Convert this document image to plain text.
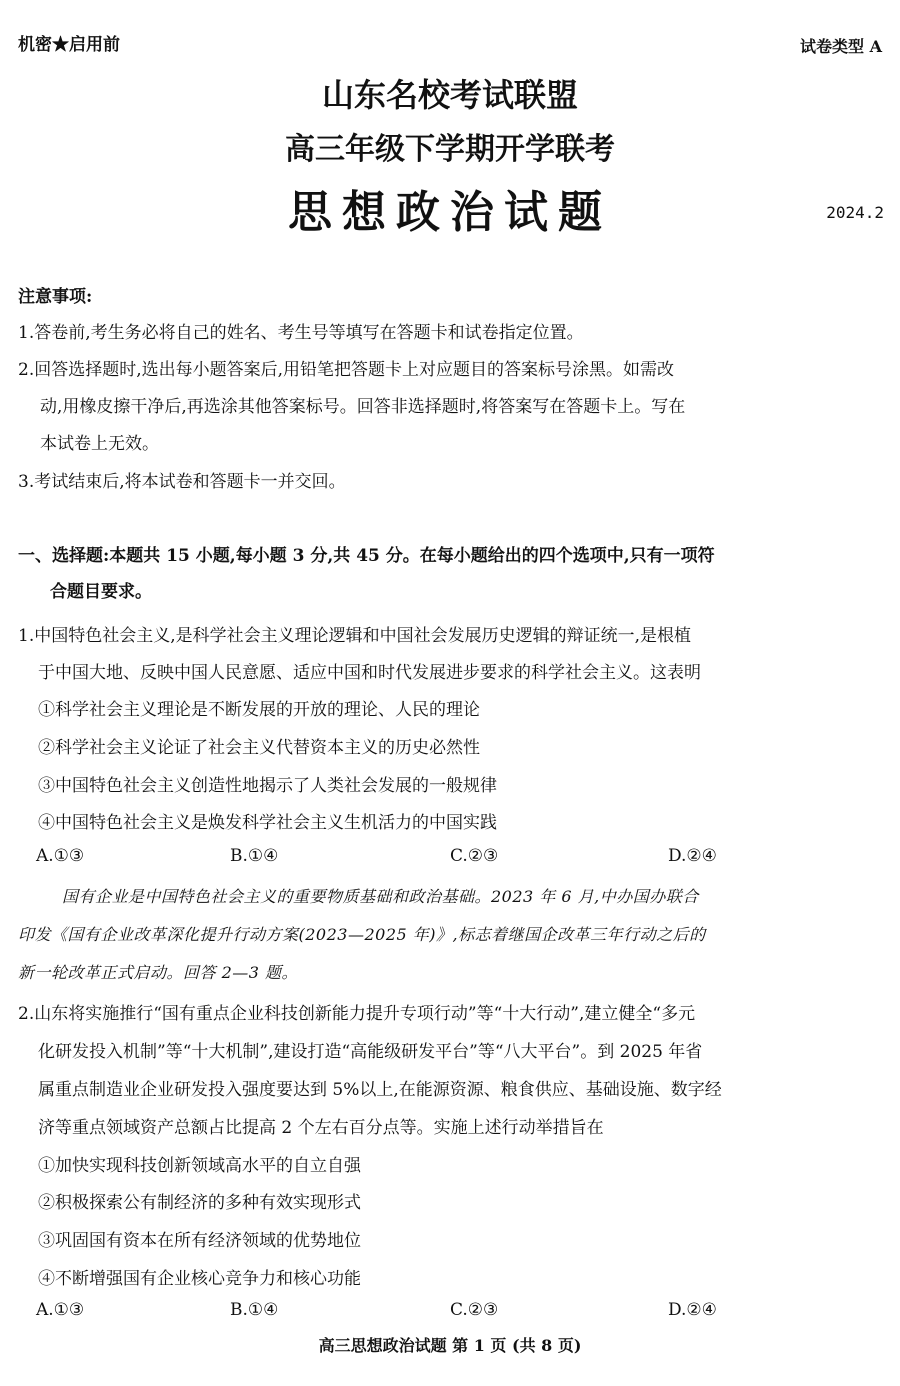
机密★启用前	试卷类型 A
山东名校考试联盟
高三年级下学期开学联考
思想政治试题	2024.2
注意事项:
1.答卷前,考生务必将自己的姓名、考生号等填写在答题卡和试卷指定位置。
2.回答选择题时,选出每小题答案后,用铅笔把答题卡上对应题目的答案标号涂黑。如需改
动,用橡皮擦干净后,再选涂其他答案标号。回答非选择题时,将答案写在答题卡上。写在
本试卷上无效。
3.考试结束后,将本试卷和答题卡一并交回。
一、选择题:本题共 15 小题,每小题 3 分,共 45 分。在每小题给出的四个选项中,只有一项符
合题目要求。
1.中国特色社会主义,是科学社会主义理论逻辑和中国社会发展历史逻辑的辩证统一,是根植
于中国大地、反映中国人民意愿、适应中国和时代发展进步要求的科学社会主义。这表明
①科学社会主义理论是不断发展的开放的理论、人民的理论
②科学社会主义论证了社会主义代替资本主义的历史必然性
③中国特色社会主义创造性地揭示了人类社会发展的一般规律
④中国特色社会主义是焕发科学社会主义生机活力的中国实践
A.①③	B.①④	C.②③	D.②④
国有企业是中国特色社会主义的重要物质基础和政治基础。2023 年 6 月,中办国办联合
印发《国有企业改革深化提升行动方案(2023—2025 年)》,标志着继国企改革三年行动之后的
新一轮改革正式启动。回答 2—3 题。
2.山东将实施推行“国有重点企业科技创新能力提升专项行动”等“十大行动”,建立健全“多元
化研发投入机制”等“十大机制”,建设打造“高能级研发平台”等“八大平台”。到 2025 年省
属重点制造业企业研发投入强度要达到 5%以上,在能源资源、粮食供应、基础设施、数字经
济等重点领域资产总额占比提高 2 个左右百分点等。实施上述行动举措旨在
①加快实现科技创新领域高水平的自立自强
②积极探索公有制经济的多种有效实现形式
③巩固国有资本在所有经济领域的优势地位
④不断增强国有企业核心竞争力和核心功能
A.①③	B.①④	C.②③	D.②④
高三思想政治试题 第 1 页 (共 8 页)
